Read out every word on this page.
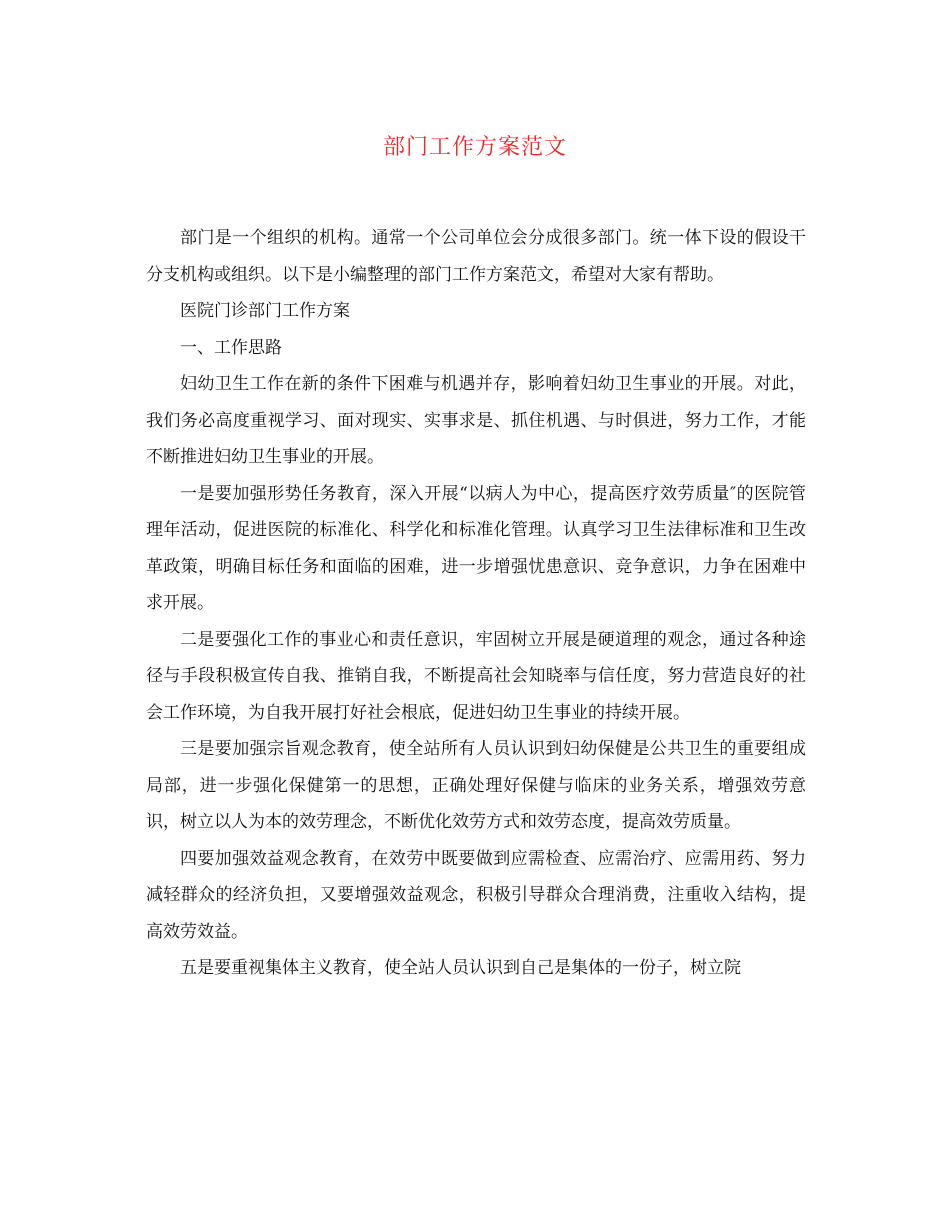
部门工作方案范文

部门是一个组织的机构。通常一个公司单位会分成很多部门。统一体下设的假设干分支机构或组织。以下是小编整理的部门工作方案范文，希望对大家有帮助。

医院门诊部门工作方案

一、工作思路

妇幼卫生工作在新的条件下困难与机遇并存，影响着妇幼卫生事业的开展。对此，我们务必高度重视学习、面对现实、实事求是、抓住机遇、与时俱进，努力工作，才能不断推进妇幼卫生事业的开展。

一是要加强形势任务教育，深入开展“以病人为中心，提高医疗效劳质量″的医院管理年活动，促进医院的标准化、科学化和标准化管理。认真学习卫生法律标准和卫生改革政策，明确目标任务和面临的困难，进一步增强忧患意识、竞争意识，力争在困难中求开展。

二是要强化工作的事业心和责任意识，牢固树立开展是硬道理的观念，通过各种途径与手段积极宣传自我、推销自我，不断提高社会知晓率与信任度，努力营造良好的社会工作环境，为自我开展打好社会根底，促进妇幼卫生事业的持续开展。

三是要加强宗旨观念教育，使全站所有人员认识到妇幼保健是公共卫生的重要组成局部，进一步强化保健第一的思想，正确处理好保健与临床的业务关系，增强效劳意识，树立以人为本的效劳理念，不断优化效劳方式和效劳态度，提高效劳质量。

四要加强效益观念教育，在效劳中既要做到应需检查、应需治疗、应需用药、努力减轻群众的经济负担，又要增强效益观念，积极引导群众合理消费，注重收入结构，提高效劳效益。

五是要重视集体主义教育，使全站人员认识到自己是集体的一份子，树立院
